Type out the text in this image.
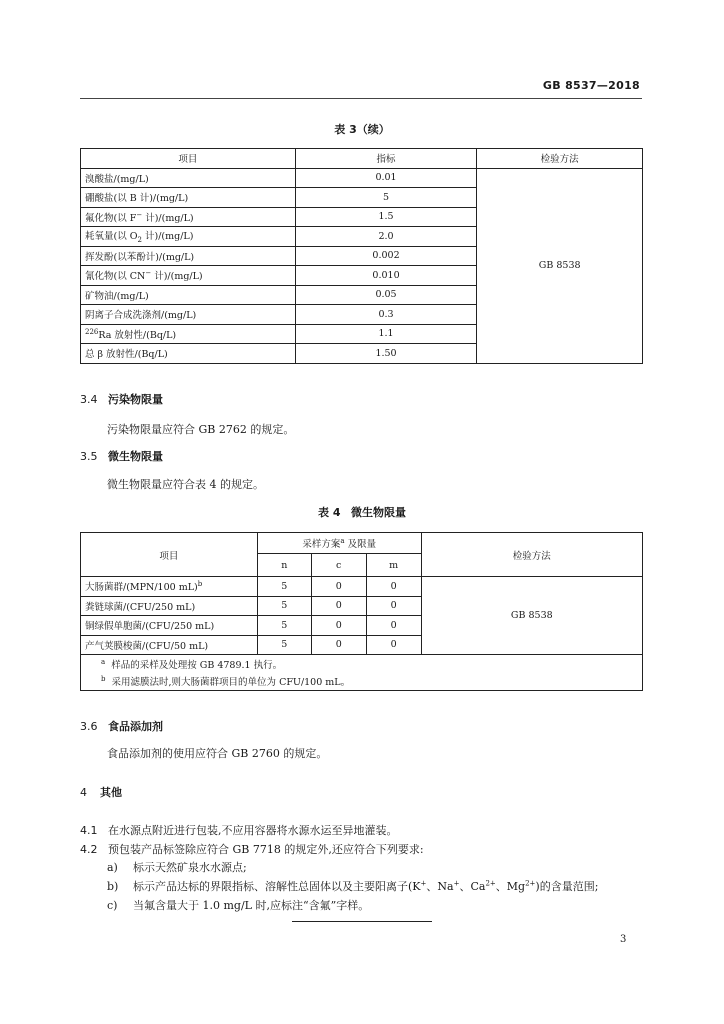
GB 8537—2018
表 3（续）
项目	指标	检验方法
溴酸盐/(mg/L)	0.01	GB 8538
硼酸盐(以 B 计)/(mg/L)	5	
氟化物(以 F− 计)/(mg/L)	1.5	
耗氧量(以 $O_2$ 计)/(mg/L)	2.0	
挥发酚(以苯酚计)/(mg/L)	0.002	
氰化物(以 CN− 计)/(mg/L)	0.010	
矿物油/(mg/L)	0.05	
阴离子合成洗涤剂/(mg/L)	0.3	
$^{226}$Ra 放射性/(Bq/L)	1.1	
总 β 放射性/(Bq/L)	1.50	
3.4 污染物限量
污染物限量应符合 GB 2762 的规定。
3.5 微生物限量
微生物限量应符合表 4 的规定。
表 4 微生物限量
项目	采样方案$^a$ 及限量			检验方法
	n	c	m	
大肠菌群/(MPN/100 mL)$^b$	5	0	0	GB 8538
粪链球菌/(CFU/250 mL)	5	0	0	
铜绿假单胞菌/(CFU/250 mL)	5	0	0	
产气荚膜梭菌/(CFU/50 mL)	5	0	0	
$^a$ 样品的采样及处理按 GB 4789.1 执行。				
$^b$ 采用滤膜法时,则大肠菌群项目的单位为 CFU/100 mL。				
3.6 食品添加剂
食品添加剂的使用应符合 GB 2760 的规定。
4 其他
4.1 在水源点附近进行包装,不应用容器将水源水运至异地灌装。
4.2 预包装产品标签除应符合 GB 7718 的规定外,还应符合下列要求:
a) 标示天然矿泉水水源点;
b) 标示产品达标的界限指标、溶解性总固体以及主要阳离子(K+、Na+、$Ca^{2+}$、$Mg^{2+}$)的含量范围;
c) 当氟含量大于 1.0 mg/L 时,应标注“含氟”字样。
3
